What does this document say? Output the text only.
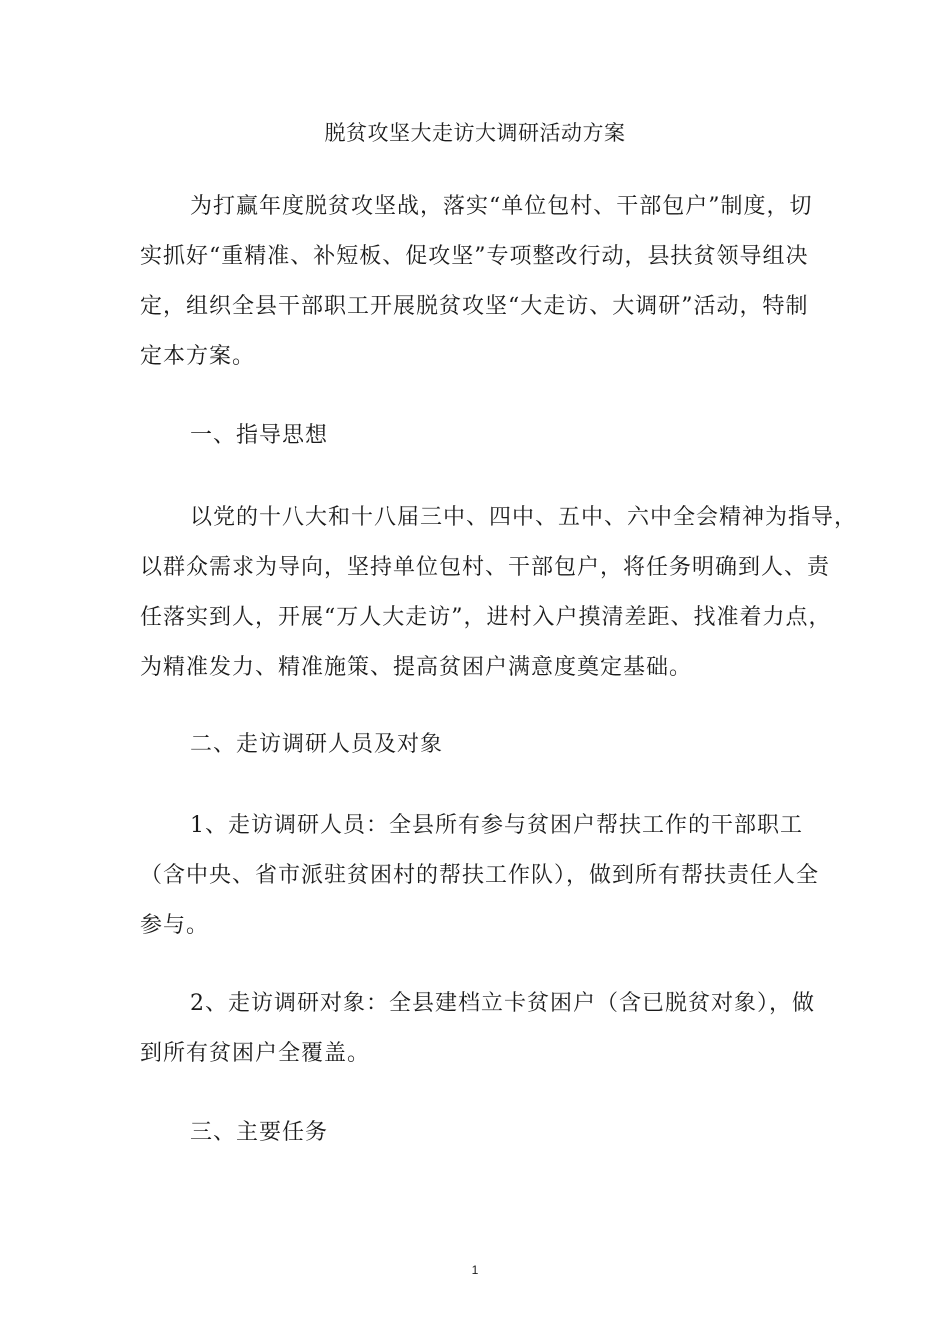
脱贫攻坚大走访大调研活动方案

为打赢年度脱贫攻坚战，落实“单位包村、干部包户”制度，切
实抓好“重精准、补短板、促攻坚”专项整改行动，县扶贫领导组决
定，组织全县干部职工开展脱贫攻坚“大走访、大调研”活动，特制
定本方案。

一、指导思想

以党的十八大和十八届三中、四中、五中、六中全会精神为指导，
以群众需求为导向，坚持单位包村、干部包户，将任务明确到人、责
任落实到人，开展“万人大走访”，进村入户摸清差距、找准着力点，
为精准发力、精准施策、提高贫困户满意度奠定基础。

二、走访调研人员及对象

1、走访调研人员：全县所有参与贫困户帮扶工作的干部职工
（含中央、省市派驻贫困村的帮扶工作队），做到所有帮扶责任人全
参与。

2、走访调研对象：全县建档立卡贫困户（含已脱贫对象），做
到所有贫困户全覆盖。

三、主要任务
1
